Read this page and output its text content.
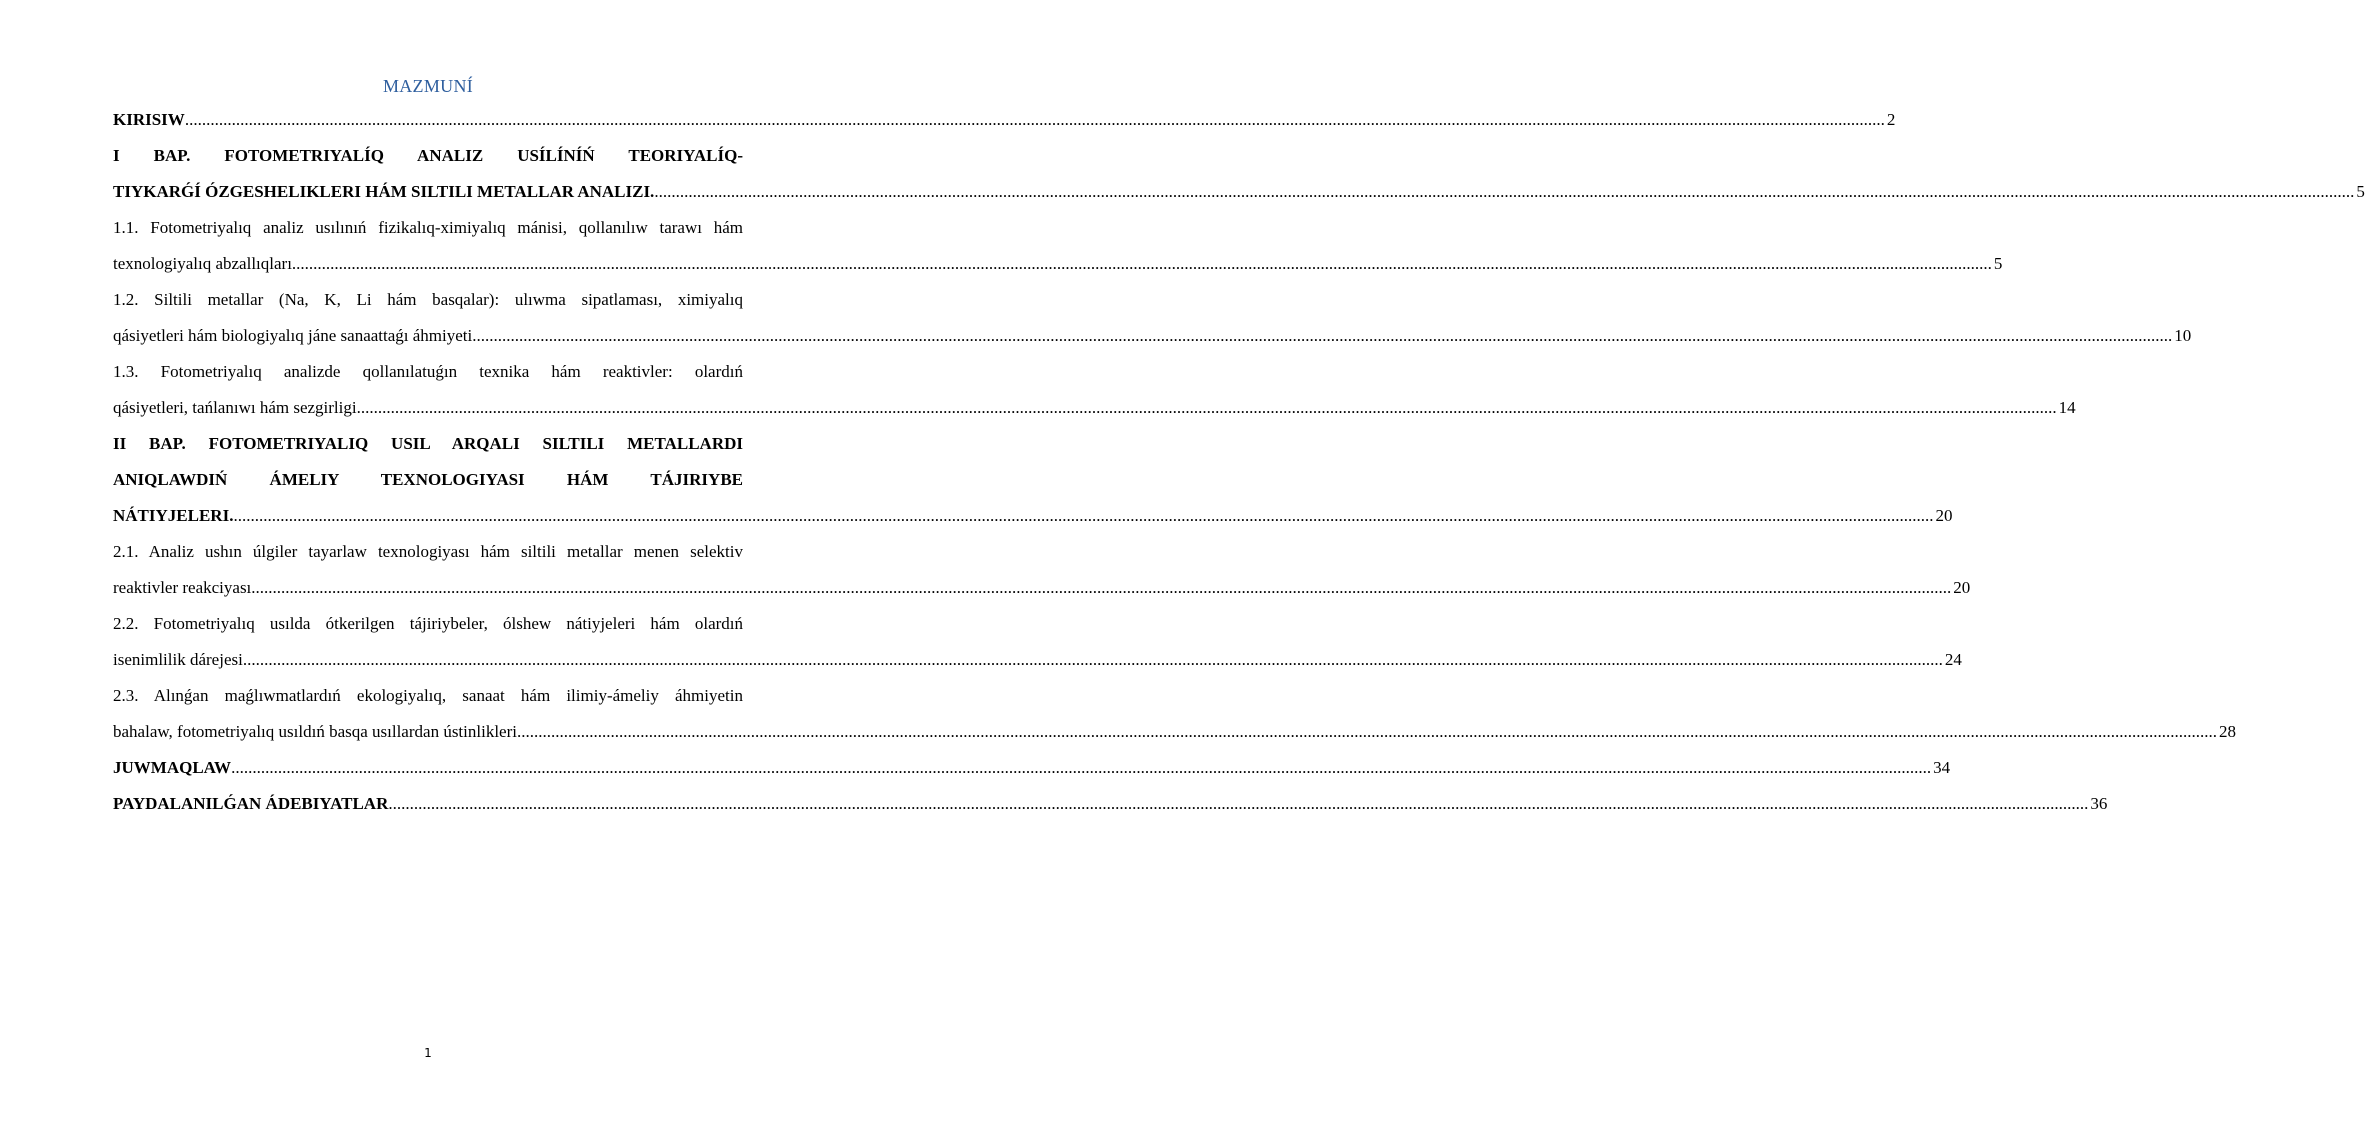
MAZMUNÍ
KIRISIW ................................................................................................................................................................................................................................................................................................................................................................................................................ 2
I BAP. FOTOMETRIYALÍQ ANALIZ USÍLÍNÍŃ TEORIYALÍQ-
TIYKARǴÍ ÓZGESHELIKLERI HÁM SILTILI METALLAR ANALIZI. ................................................................................................................................................................................................................................................................................................................................................................................................................ 5
1.1. Fotometriyalıq analiz usılınıń fizikalıq-ximiyalıq mánisi, qollanılıw tarawı hám
texnologiyalıq abzallıqları ................................................................................................................................................................................................................................................................................................................................................................................................................ 5
1.2. Siltili metallar (Na, K, Li hám basqalar): ulıwma sipatlaması, ximiyalıq
qásiyetleri hám biologiyalıq jáne sanaattaǵı áhmiyeti ................................................................................................................................................................................................................................................................................................................................................................................................................ 10
1.3. Fotometriyalıq analizde qollanılatuǵın texnika hám reaktivler: olardıń
qásiyetleri, tańlanıwı hám sezgirligi ................................................................................................................................................................................................................................................................................................................................................................................................................ 14
II BAP. FOTOMETRIYALIQ USIL ARQALI SILTILI METALLARDI
ANIQLAWDIŃ ÁMELIY TEXNOLOGIYASI HÁM TÁJIRIYBE
NÁTIYJELERI. ................................................................................................................................................................................................................................................................................................................................................................................................................ 20
2.1. Analiz ushın úlgiler tayarlaw texnologiyası hám siltili metallar menen selektiv
reaktivler reakciyası ................................................................................................................................................................................................................................................................................................................................................................................................................ 20
2.2. Fotometriyalıq usılda ótkerilgen tájiriybeler, ólshew nátiyjeleri hám olardıń
isenimlilik dárejesi ................................................................................................................................................................................................................................................................................................................................................................................................................ 24
2.3. Alınǵan maǵlıwmatlardıń ekologiyalıq, sanaat hám ilimiy-ámeliy áhmiyetin
bahalaw, fotometriyalıq usıldıń basqa usıllardan ústinlikleri ................................................................................................................................................................................................................................................................................................................................................................................................................ 28
JUWMAQLAW ................................................................................................................................................................................................................................................................................................................................................................................................................ 34
PAYDALANILǴAN ÁDEBIYATLAR ................................................................................................................................................................................................................................................................................................................................................................................................................ 36
1
